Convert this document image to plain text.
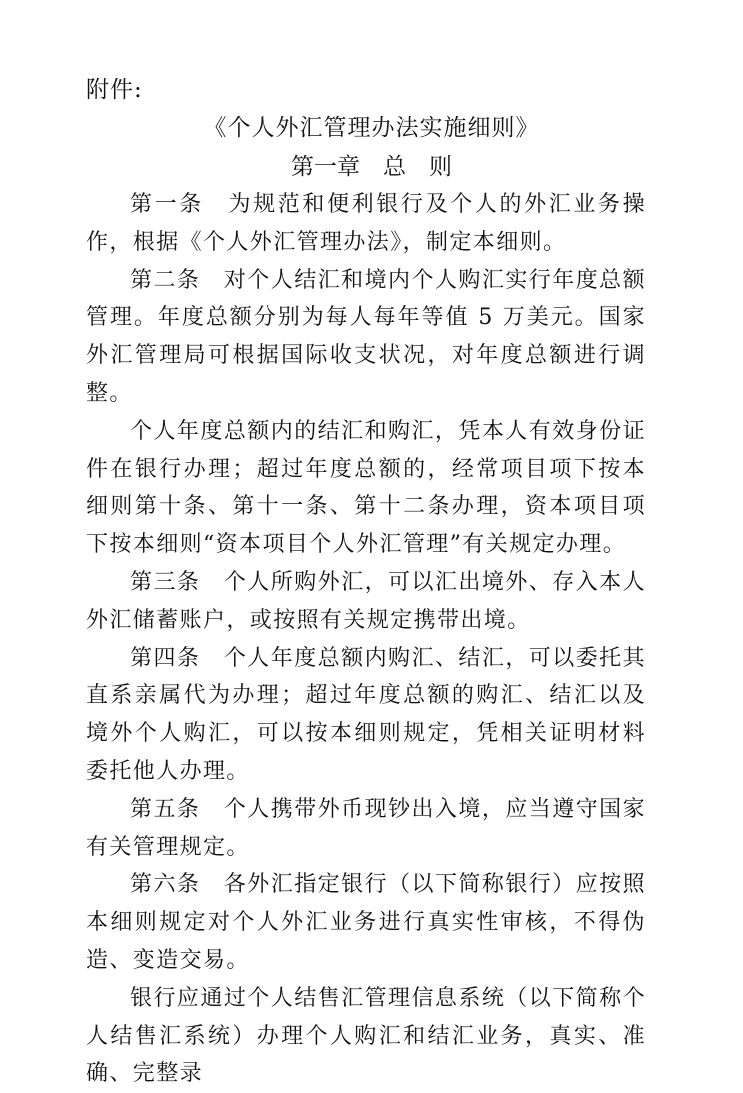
附件:
《个人外汇管理办法实施细则》
第一章　总　则

第一条　 为规范和便利银行及个人的外汇业务操作，根据《个人外汇管理办法》，制定本细则。

第二条　 对个人结汇和境内个人购汇实行年度总额管理。年度总额分别为每人每年等值 5 万美元。国家外汇管理局可根据国际收支状况，对年度总额进行调整。

个人年度总额内的结汇和购汇，凭本人有效身份证件在银行办理；超过年度总额的，经常项目项下按本细则第十条、第十一条、第十二条办理，资本项目项下按本细则“资本项目个人外汇管理”有关规定办理。

第三条　 个人所购外汇，可以汇出境外、存入本人外汇储蓄账户，或按照有关规定携带出境。

第四条　 个人年度总额内购汇、结汇，可以委托其直系亲属代为办理；超过年度总额的购汇、结汇以及境外个人购汇，可以按本细则规定，凭相关证明材料委托他人办理。

第五条　 个人携带外币现钞出入境，应当遵守国家有关管理规定。

第六条　 各外汇指定银行（以下简称银行）应按照本细则规定对个人外汇业务进行真实性审核，不得伪造、变造交易。

银行应通过个人结售汇管理信息系统（以下简称个人结售汇系统）办理个人购汇和结汇业务，真实、准确、完整录
